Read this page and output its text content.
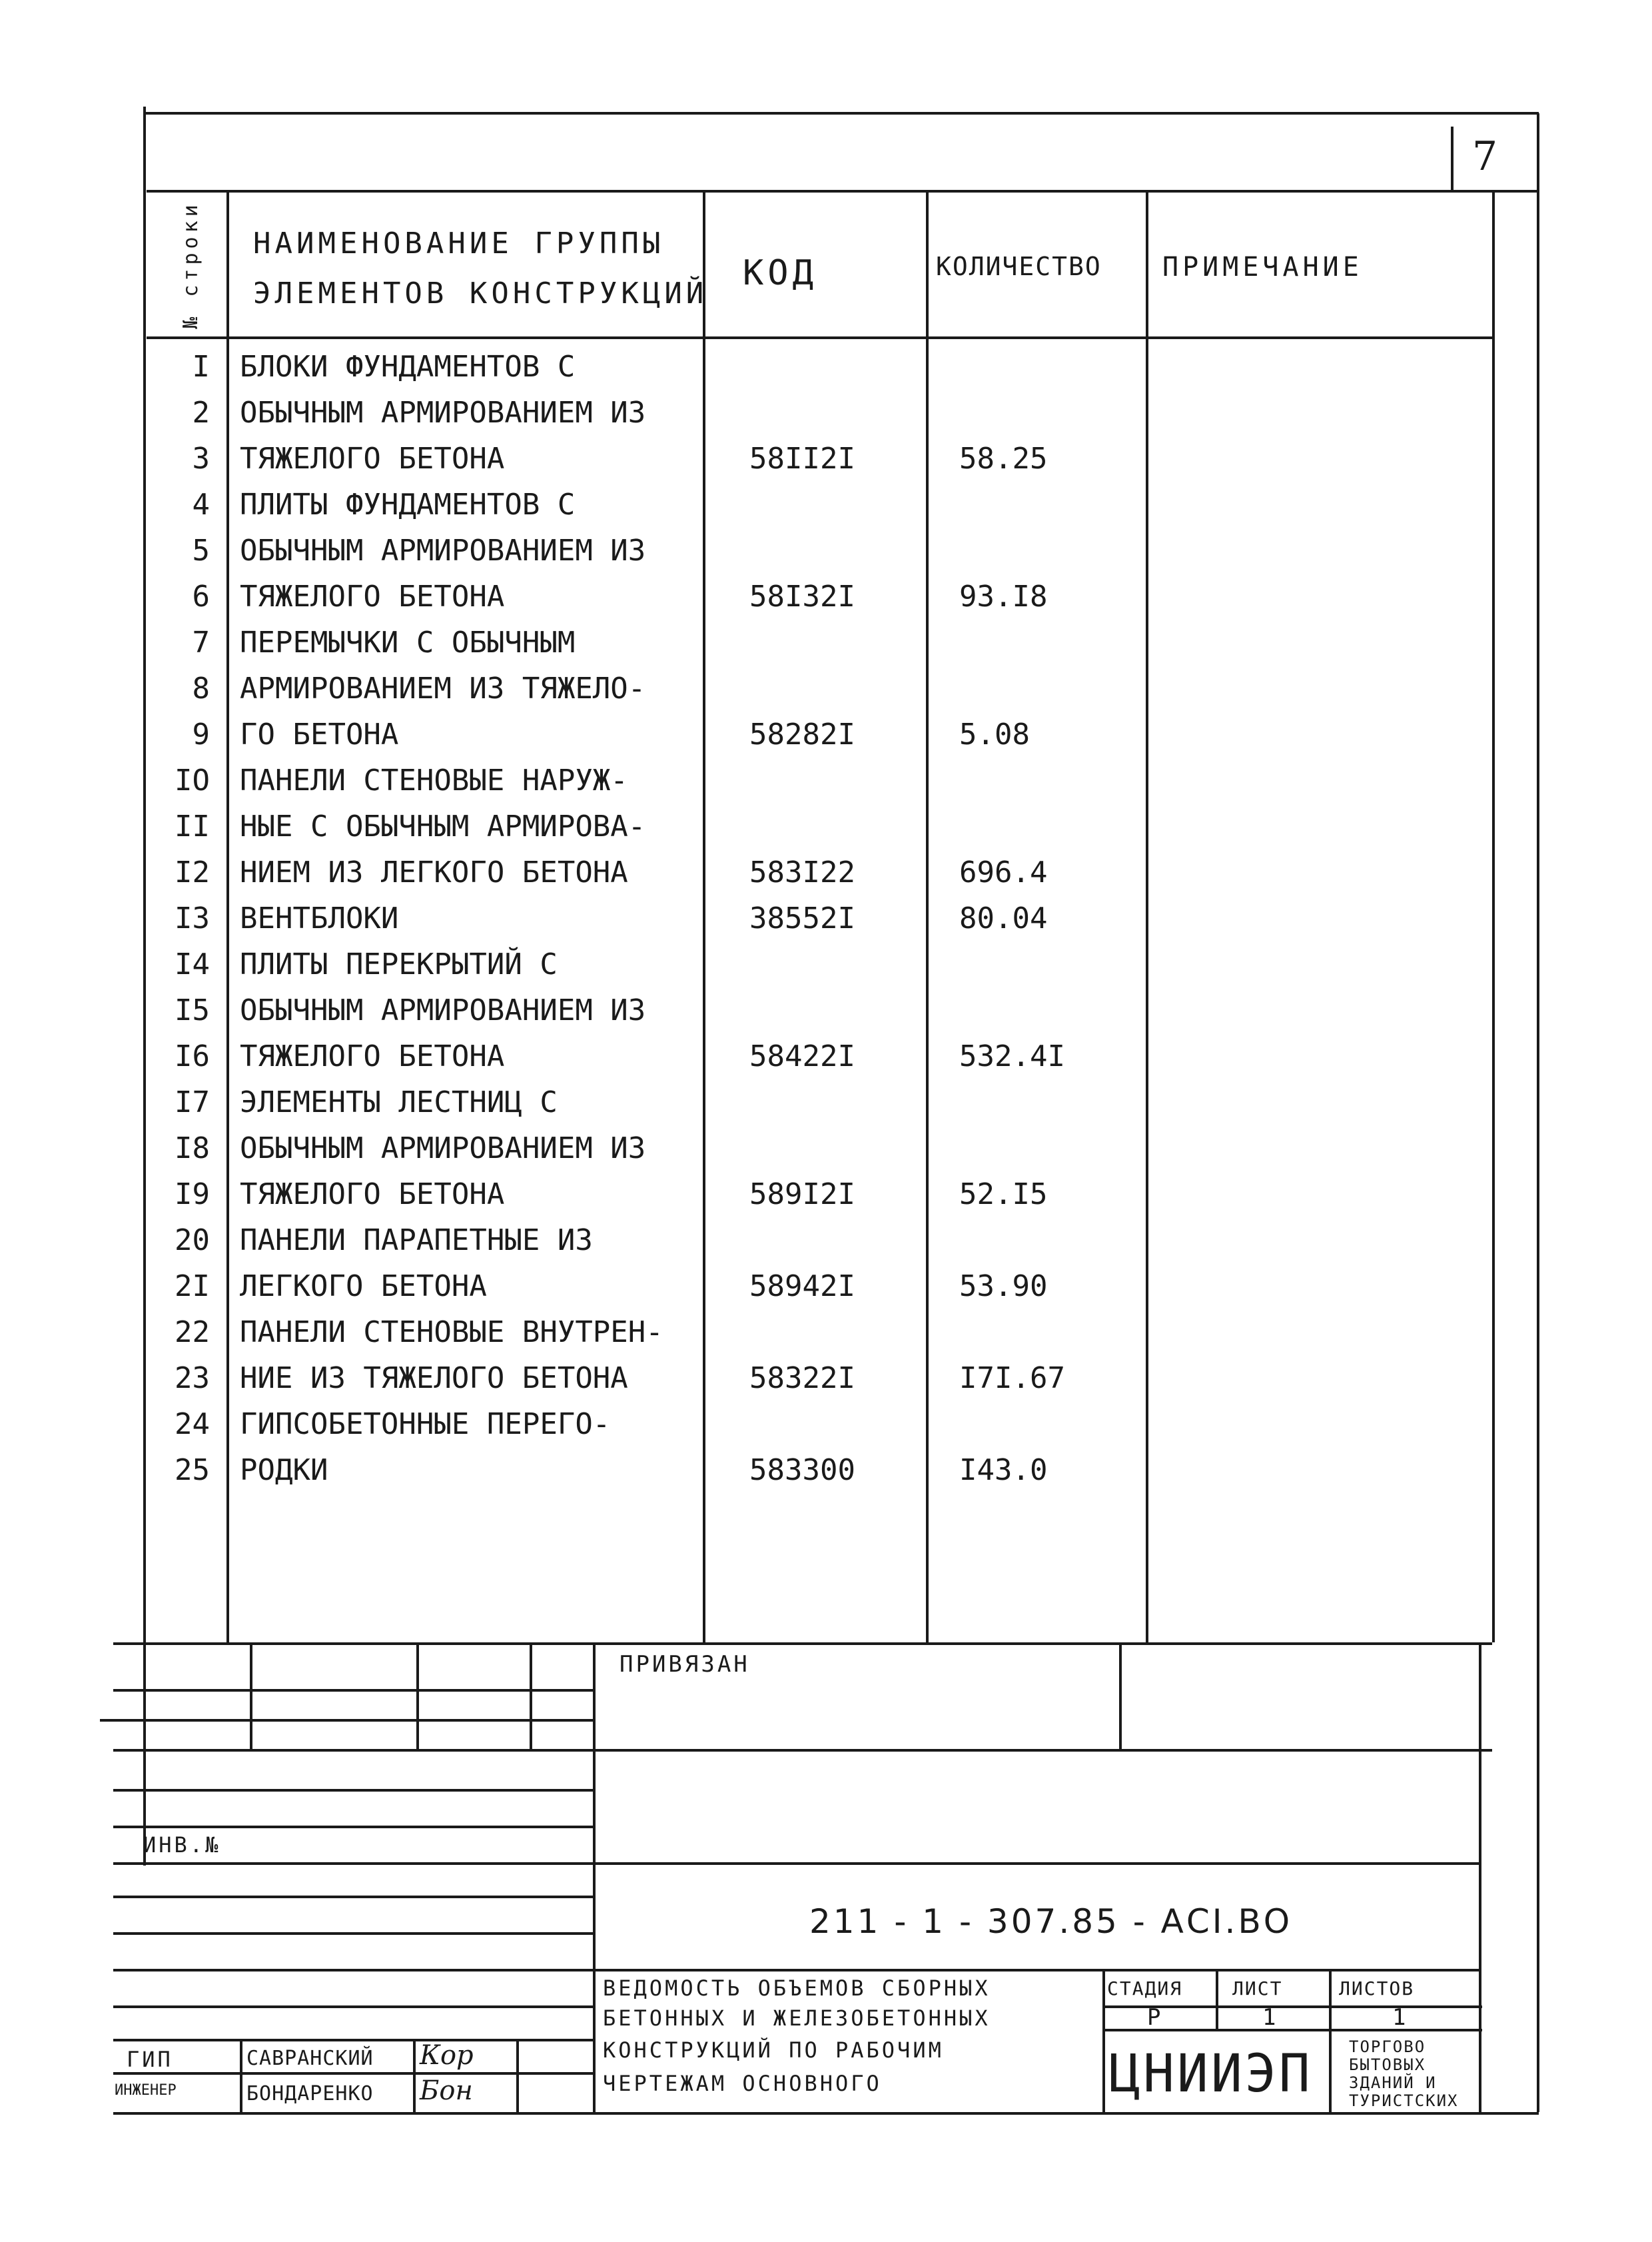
7
№ строки НАИМЕНОВАНИЕ ГРУППЫ
ЭЛЕМЕНТОВ КОНСТРУКЦИЙ
КОД	КОЛИЧЕСТВО ПРИМЕЧАНИЕ
I БЛОКИ ФУНДАМЕНТОВ С
2 ОБЫЧНЫМ АРМИРОВАНИЕМ ИЗ
3 ТЯЖЕЛОГО БЕТОНА	58II2I	58.25
4 ПЛИТЫ ФУНДАМЕНТОВ С
5 ОБЫЧНЫМ АРМИРОВАНИЕМ ИЗ
6 ТЯЖЕЛОГО БЕТОНА	58I32I	93.I8
7 ПЕРЕМЫЧКИ С ОБЫЧНЫМ
8 АРМИРОВАНИЕМ ИЗ ТЯЖЕЛО-
9 ГО БЕТОНА	58282I	5.08
IO ПАНЕЛИ СТЕНОВЫЕ НАРУЖ-
II НЫЕ С ОБЫЧНЫМ АРМИРОВА-
I2 НИЕМ ИЗ ЛЕГКОГО БЕТОНА	583I22	696.4
I3 ВЕНТБЛОКИ	38552I	80.04
I4 ПЛИТЫ ПЕРЕКРЫТИЙ С
I5 ОБЫЧНЫМ АРМИРОВАНИЕМ ИЗ
I6 ТЯЖЕЛОГО БЕТОНА	58422I	532.4I
I7 ЭЛЕМЕНТЫ ЛЕСТНИЦ С
I8 ОБЫЧНЫМ АРМИРОВАНИЕМ ИЗ
I9 ТЯЖЕЛОГО БЕТОНА	589I2I	52.I5
20 ПАНЕЛИ ПАРАПЕТНЫЕ ИЗ
2I ЛЕГКОГО БЕТОНА	58942I	53.90
22 ПАНЕЛИ СТЕНОВЫЕ ВНУТРЕН-
23 НИЕ ИЗ ТЯЖЕЛОГО БЕТОНА	58322I	I7I.67
24 ГИПСОБЕТОННЫЕ ПЕРЕГО-
25 РОДКИ	583300	I43.0
ПРИВЯЗАН
ИНВ.№
211 - 1 - 307.85 - АСI.ВО
ВЕДОМОСТЬ ОБЪЕМОВ СБОРНЫХ
БЕТОННЫХ И ЖЕЛЕЗОБЕТОННЫХ
КОНСТРУКЦИЙ ПО РАБОЧИМ
ЧЕРТЕЖАМ ОСНОВНОГО
СТАДИЯ	ЛИСТ	ЛИСТОВ
Р	1	1
ГИП	САВРАНСКИЙ Кор
ИНЖЕНЕР	БОНДАРЕНКО Бон	ЦНИИЭП ТОРГОВО
БЫТОВЫХ
ЗДАНИЙ И
ТУРИСТСКИХ
